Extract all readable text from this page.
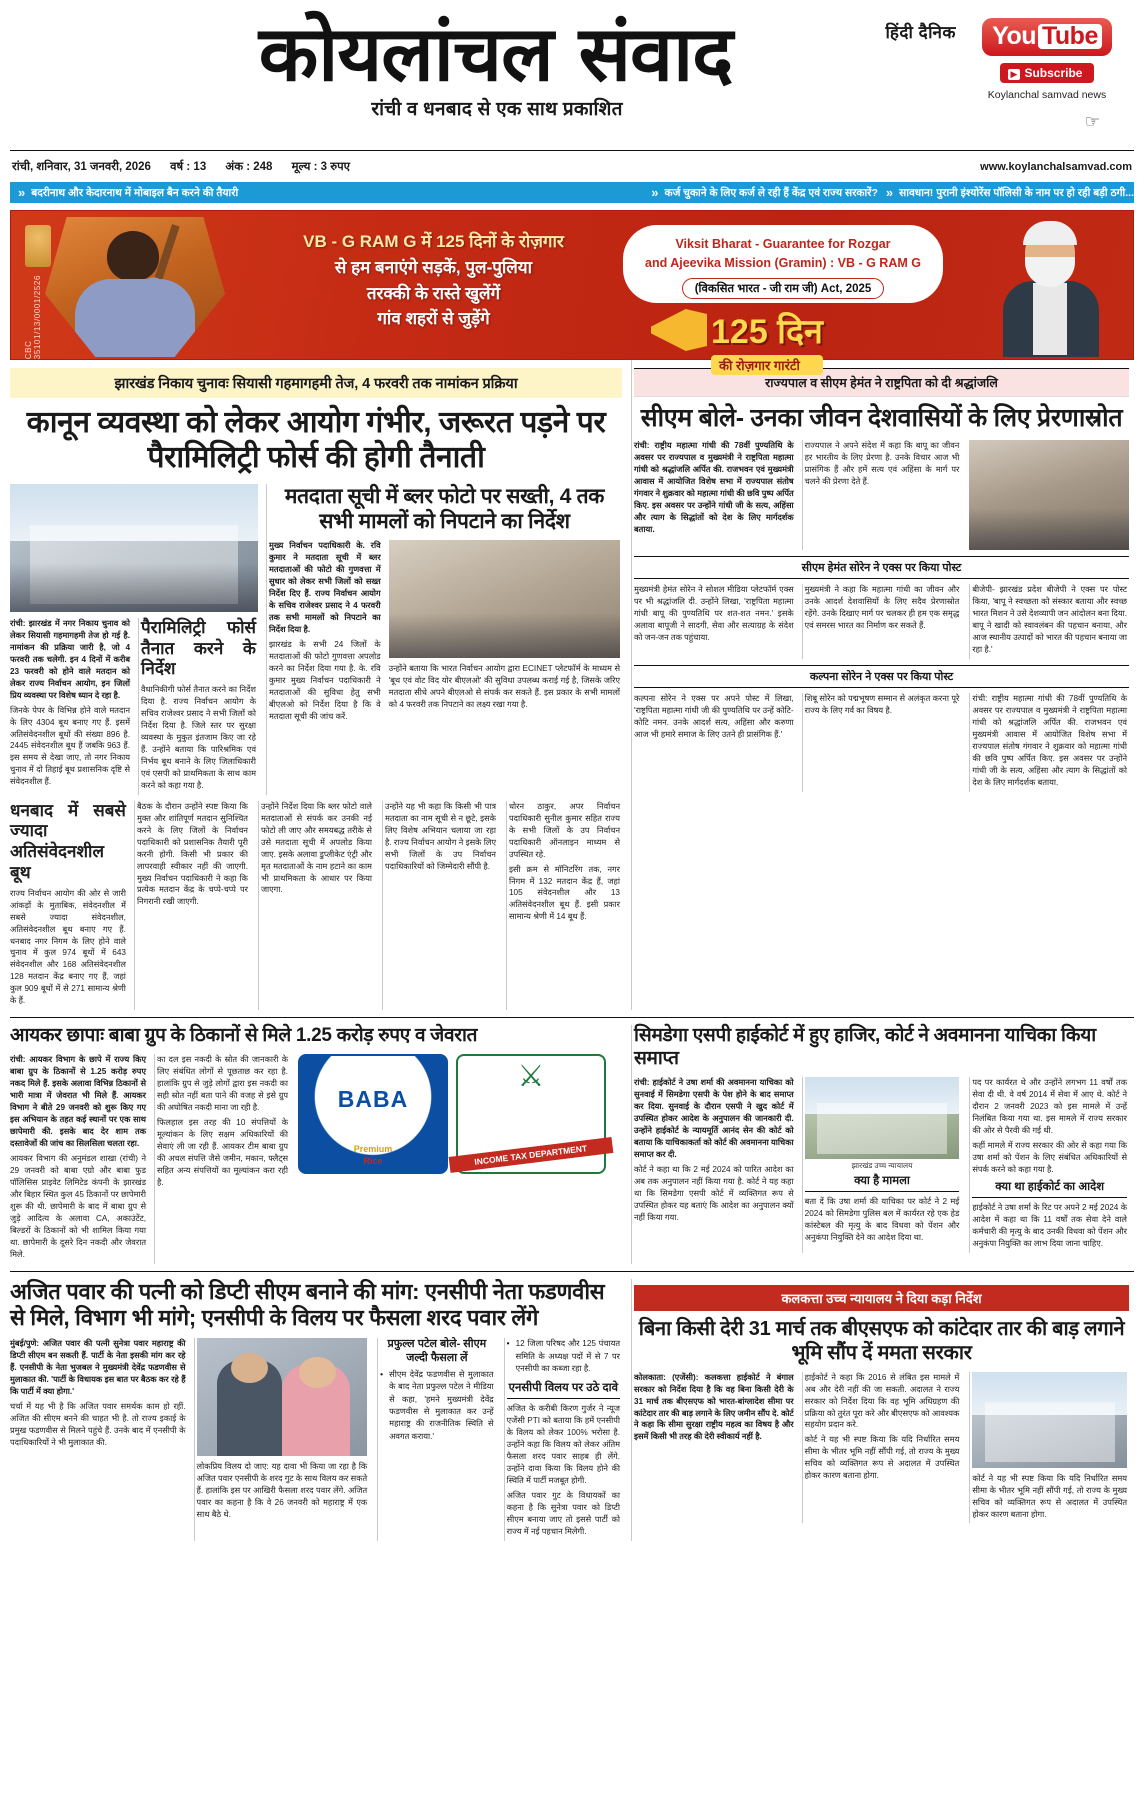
हिंदी दैनिक
कोयलांचल संवाद
रांची व धनबाद से एक साथ प्रकाशित
You Tube ▶ Subscribe
Koylanchal samvad news
☞
रांची, शनिवार, 31 जनवरी, 2026 वर्ष : 13 अंक : 248 मूल्य : 3 रुपए	www.koylanchalsamvad.com
» बदरीनाथ और केदारनाथ में मोबाइल बैन करने की तैयारी	» कर्ज चुकाने के लिए कर्ज ले रही हैं केंद्र एवं राज्य सरकारें? » सावधान! पुरानी इंश्योरेंस पॉलिसी के नाम पर हो रही बड़ी ठगी...
CBC 35101/13/0001/2526
VB - G RAM G में 125 दिनों के रोज़गार
से हम बनाएंगे सड़कें, पुल-पुलिया
तरक्की के रास्ते खुलेंगें
गांव शहरों से जुड़ेंगे
Viksit Bharat - Guarantee for Rozgar
and Ajeevika Mission (Gramin) : VB - G RAM G
(विकसित भारत - जी राम जी) Act, 2025
125 दिन
की रोज़गार गारंटी
झारखंड निकाय चुनावः सियासी गहमागहमी तेज, 4 फरवरी तक नामांकन प्रक्रिया
कानून व्यवस्था को लेकर आयोग गंभीर, जरूरत पड़ने पर पैरामिलिट्री फोर्स की होगी तैनाती

रांची: झारखंड में नगर निकाय चुनाव को लेकर सियासी गहमागहमी तेज हो गई है. नामांकन की प्रक्रिया जारी है, जो 4 फरवरी तक चलेगी. इन 4 दिनों में करीब 23 फरवरी को होने वाले मतदान को लेकर राज्य निर्वाचन आयोग, इन जिलों प्रिय व्यवस्था पर विशेष ध्यान दे रहा है.

जिनके पेपर के विभिन्न होने वाले मतदान के लिए 4304 बूथ बनाए गए हैं. इसमें अतिसंवेदनशील बूथों की संख्या 896 है. 2445 संवेदनशील बूथ हैं जबकि 963 हैं. इस समय से देखा जाए, तो नगर निकाय चुनाव में दो तिहाई बूथ प्रशासनिक दृष्टि से संवेदनशील हैं.

पैरामिलिट्री फोर्स तैनात करने के निर्देश

वैधानिकीगी फोर्स तैनात करने का निर्देश दिया है. राज्य निर्वाचन आयोग के सचिव राजेश्वर प्रसाद ने सभी जिलों को निर्देश दिया है. जिले स्तर पर सुरक्षा व्यवस्था के मुकुत इंतजाम किए जा रहे हैं. उन्होंने बताया कि पारिश्रमिक एवं निर्भय बूथ बनाने के लिए जिलाधिकारी एवं एसपी को प्राथमिकता के साथ काम करने को कहा गया है.

मतदाता सूची में ब्लर फोटो पर सख्ती, 4 तक सभी मामलों को निपटाने का निर्देश

मुख्य निर्वाचन पदाधिकारी के. रवि कुमार ने मतदाता सूची में ब्लर मतदाताओं की फोटो की गुणवत्ता में सुधार को लेकर सभी जिलों को सख्त निर्देश दिए हैं. राज्य निर्वाचन आयोग के सचिव राजेश्वर प्रसाद ने 4 फरवरी तक सभी मामलों को निपटाने का निर्देश दिया है.

झारखंड के सभी 24 जिलों के मतदाताओं की फोटो गुणवत्ता अपलोड करने का निर्देश दिया गया है. के. रवि कुमार मुख्य निर्वाचन पदाधिकारी ने मतदाताओं की सुविधा हेतु सभी बीएलओ को निर्देश दिया है कि वे मतदाता सूची की जांच करें.

उन्होंने बताया कि भारत निर्वाचन आयोग द्वारा ECINET प्लेटफॉर्म के माध्यम से 'बूथ एवं वोट विद योर बीएलओ' की सुविधा उपलब्ध कराई गई है, जिसके जरिए मतदाता सीधे अपने बीएलओ से संपर्क कर सकते हैं. इस प्रकार के सभी मामलों को 4 फरवरी तक निपटाने का लक्ष्य रखा गया है.

धनबाद में सबसे ज्यादा अतिसंवेदनशील बूथ

राज्य निर्वाचन आयोग की ओर से जारी आंकड़ों के मुताबिक, संवेदनशील में सबसे ज्यादा संवेदनशील, अतिसंवेदनशील बूथ बनाए गए हैं. धनबाद नगर निगम के लिए होने वाले चुनाव में कुल 974 बूथों में 643 संवेदनशील और 168 अतिसंवेदनशील 128 मतदान केंद्र बनाए गए हैं, जहां कुल 909 बूथों में से 271 सामान्य श्रेणी के हैं.

बैठक के दौरान उन्होंने स्पष्ट किया कि मुक्त और शांतिपूर्ण मतदान सुनिश्चित करने के लिए जिलों के निर्वाचन पदाधिकारी को प्रशासनिक तैयारी पूरी करनी होगी. किसी भी प्रकार की लापरवाही स्वीकार नहीं की जाएगी. मुख्य निर्वाचन पदाधिकारी ने कहा कि प्रत्येक मतदान केंद्र के चप्पे-चप्पे पर निगरानी रखी जाएगी.

उन्होंने निर्देश दिया कि ब्लर फोटो वाले मतदाताओं से संपर्क कर उनकी नई फोटो ली जाए और समयबद्ध तरीके से उसे मतदाता सूची में अपलोड किया जाए. इसके अलावा डुप्लीकेट एंट्री और मृत मतदाताओं के नाम हटाने का काम भी प्राथमिकता के आधार पर किया जाएगा.

उन्होंने यह भी कहा कि किसी भी पात्र मतदाता का नाम सूची से न छूटे, इसके लिए विशेष अभियान चलाया जा रहा है. राज्य निर्वाचन आयोग ने इसके लिए सभी जिलों के उप निर्वाचन पदाधिकारियों को जिम्मेदारी सौंपी है.

धोरन ठाकुर, अपर निर्वाचन पदाधिकारी सुनील कुमार सहित राज्य के सभी जिलों के उप निर्वाचन पदाधिकारी ऑनलाइन माध्यम से उपस्थित रहे.

इसी क्रम से मॉनिटरिंग तक, नगर निगम में 132 मतदान केंद्र हैं, जहां 105 संवेदनशील और 13 अतिसंवेदनशील बूथ हैं. इसी प्रकार सामान्य श्रेणी में 14 बूथ हैं.

राज्यपाल व सीएम हेमंत ने राष्ट्रपिता को दी श्रद्धांजलि
सीएम बोले- उनका जीवन देशवासियों के लिए प्रेरणास्रोत

रांची: राष्ट्रीय महात्मा गांधी की 78वीं पुण्यतिथि के अवसर पर राज्यपाल व मुख्यमंत्री ने राष्ट्रपिता महात्मा गांधी को श्रद्धांजलि अर्पित की. राजभवन एवं मुख्यमंत्री आवास में आयोजित विशेष सभा में राज्यपाल संतोष गंगवार ने शुक्रवार को महात्मा गांधी की छवि पुष्प अर्पित किए. इस अवसर पर उन्होंने गांधी जी के सत्य, अहिंसा और त्याग के सिद्धांतों को देश के लिए मार्गदर्शक बताया.

राज्यपाल ने अपने संदेश में कहा कि बापू का जीवन हर भारतीय के लिए प्रेरणा है. उनके विचार आज भी प्रासंगिक हैं और हमें सत्य एवं अहिंसा के मार्ग पर चलने की प्रेरणा देते हैं.

सीएम हेमंत सोरेन ने एक्स पर किया पोस्ट

मुख्यमंत्री हेमंत सोरेन ने सोशल मीडिया प्लेटफॉर्म एक्स पर भी श्रद्धांजलि दी. उन्होंने लिखा, 'राष्ट्रपिता महात्मा गांधी बापू की पुण्यतिथि पर शत-शत नमन.' इसके अलावा बापूजी ने सादगी, सेवा और सत्याग्रह के संदेश को जन-जन तक पहुंचाया.

मुख्यमंत्री ने कहा कि महात्मा गांधी का जीवन और उनके आदर्श देशवासियों के लिए सदैव प्रेरणास्रोत रहेंगे. उनके दिखाए मार्ग पर चलकर ही हम एक समृद्ध एवं समरस भारत का निर्माण कर सकते हैं.

बीजेपी- झारखंड प्रदेश बीजेपी ने एक्स पर पोस्ट किया, 'बापू ने स्वच्छता को संस्कार बताया और स्वच्छ भारत मिशन ने उसे देशव्यापी जन आंदोलन बना दिया. बापू ने खादी को स्वावलंबन की पहचान बनाया, और आज स्थानीय उत्पादों को भारत की पहचान बनाया जा रहा है.'

कल्पना सोरेन ने एक्स पर किया पोस्ट

कल्पना सोरेन ने एक्स पर अपने पोस्ट में लिखा, 'राष्ट्रपिता महात्मा गांधी जी की पुण्यतिथि पर उन्हें कोटि-कोटि नमन. उनके आदर्श सत्य, अहिंसा और करुणा आज भी हमारे समाज के लिए उतने ही प्रासंगिक हैं.'

शिबू सोरेन को पद्मभूषण सम्मान से अलंकृत करना पूरे राज्य के लिए गर्व का विषय है.

रांची: राष्ट्रीय महात्मा गांधी की 78वीं पुण्यतिथि के अवसर पर राज्यपाल व मुख्यमंत्री ने राष्ट्रपिता महात्मा गांधी को श्रद्धांजलि अर्पित की. राजभवन एवं मुख्यमंत्री आवास में आयोजित विशेष सभा में राज्यपाल संतोष गंगवार ने शुक्रवार को महात्मा गांधी की छवि पुष्प अर्पित किए. इस अवसर पर उन्होंने गांधी जी के सत्य, अहिंसा और त्याग के सिद्धांतों को देश के लिए मार्गदर्शक बताया.

आयकर छापाः बाबा ग्रुप के ठिकानों से मिले 1.25 करोड़ रुपए व जेवरात

रांची: आयकर विभाग के छापे में राज्य किए बाबा ग्रुप के ठिकानों से 1.25 करोड़ रुपए नकद मिले हैं. इसके अलावा विभिन्न ठिकानों से भारी मात्रा में जेवरात भी मिले हैं. आयकर विभाग ने बीते 29 जनवरी को शुरू किए गए इस अभियान के तहत कई स्थानों पर एक साथ छापेमारी की. इसके बाद देर शाम तक दस्तावेजों की जांच का सिलसिला चलता रहा.

आयकर विभाग की अनुमंडल शाखा (रांची) ने 29 जनवरी को बाबा एग्रो और बाबा फुड पॉलिसिस प्राइवेट लिमिटेड कंपनी के झारखंड और बिहार स्थित कुल 45 ठिकानों पर छापेमारी शुरू की थी. छापेमारी के बाद में बाबा ग्रुप से जुड़े आदित्य के अलावा CA, अकाउंटेंट, बिल्डरों के ठिकानों को भी शामिल किया गया था. छापेमारी के दूसरे दिन नकदी और जेवरात मिले.

का दल इस नकदी के स्रोत की जानकारी के लिए संबंधित लोगों से पूछताछ कर रहा है. हालांकि ग्रुप से जुड़े लोगों द्वारा इस नकदी का सही स्रोत नहीं बता पाने की वजह से इसे ग्रुप की अघोषित नकदी माना जा रही है.

फिलहाल इस तरह की 10 संपत्तियों के मूल्यांकन के लिए सक्षम अधिकारियों की सेवाएं ली जा रही हैं. आयकर टीम बाबा ग्रुप की अचल संपत्ति जैसे जमीन, मकान, फ्लैट्स सहित अन्य संपत्तियों का मूल्यांकन करा रही है.

BABA
Premium
Rice
⚔
INCOME TAX DEPARTMENT
सिमडेगा एसपी हाईकोर्ट में हुए हाजिर, कोर्ट ने अवमानना याचिका किया समाप्त

रांची: हाईकोर्ट ने उषा शर्मा की अवमानना याचिका को सुनवाई में सिमडेगा एसपी के पेश होने के बाद समाप्त कर दिया. सुनवाई के दौरान एसपी ने खुद कोर्ट में उपस्थित होकर आदेश के अनुपालन की जानकारी दी. उन्होंने हाईकोर्ट के न्यायमूर्ति आनंद सेन की कोर्ट को बताया कि याचिकाकर्ता को कोर्ट की अवमानना याचिका समाप्त कर दी.

कोर्ट ने कहा था कि 2 मई 2024 को पारित आदेश का अब तक अनुपालन नहीं किया गया है. कोर्ट ने यह कहा था कि सिमडेगा एसपी कोर्ट में व्यक्तिगत रूप से उपस्थित होकर यह बताएं कि आदेश का अनुपालन क्यों नहीं किया गया.

झारखंड उच्च न्यायालय
क्या है मामला

बता दें कि उषा शर्मा की याचिका पर कोर्ट ने 2 मई 2024 को सिमडेगा पुलिस बल में कार्यरत रहे एक हेड कांस्टेबल की मृत्यु के बाद विधवा को पेंशन और अनुकंपा नियुक्ति देने का आदेश दिया था.

पद पर कार्यरत थे और उन्होंने लगभग 11 वर्षों तक सेवा दी थी. वे वर्ष 2014 में सेवा में आए थे. कोर्ट ने दौरान 2 जनवरी 2023 को इस मामले में उन्हें निलंबित किया गया था. इस मामले में राज्य सरकार की ओर से पैरवी की गई थी.

कहीं मामले में राज्य सरकार की ओर से कहा गया कि उषा शर्मा को पेंशन के लिए संबंधित अधिकारियों से संपर्क करने को कहा गया है.

क्या था हाईकोर्ट का आदेश

हाईकोर्ट ने उषा शर्मा के रिट पर अपने 2 मई 2024 के आदेश में कहा था कि 11 वर्षों तक सेवा देने वाले कर्मचारी की मृत्यु के बाद उनकी विधवा को पेंशन और अनुकंपा नियुक्ति का लाभ दिया जाना चाहिए.

अजित पवार की पत्नी को डिप्टी सीएम बनाने की मांग: एनसीपी नेता फडणवीस से मिले, विभाग भी मांगे; एनसीपी के विलय पर फैसला शरद पवार लेंगे

मुंबई/पुणे: अजित पवार की पत्नी सुनेत्रा पवार महाराष्ट्र की डिप्टी सीएम बन सकती हैं. पार्टी के नेता इसकी मांग कर रहे हैं. एनसीपी के नेता भुजबल ने मुख्यमंत्री देवेंद्र फडणवीस से मुलाकात की. 'पार्टी के विधायक इस बात पर बैठक कर रहे हैं कि पार्टी में क्या होगा.'

चर्चा में यह भी है कि अजित पवार समर्थक काम हो रहीं. अजित की सीएम बनने की चाहत भी है. तो राज्य इकाई के प्रमुख फडणवीस से मिलने पहुंचे हैं. उनके बाद में एनसीपी के पदाधिकारियों ने भी मुलाकात की.

लोकप्रिय विलय दो जाए: यह दावा भी किया जा रहा है कि अजित पवार एनसीपी के शरद गुट के साथ विलय कर सकते हैं. हालांकि इस पर आखिरी फैसला शरद पवार लेंगे. अजित पवार का कहना है कि वे 26 जनवरी को महाराष्ट्र में एक साथ बैठे थे.

प्रफुल्ल पटेल बोले- सीएम जल्दी फैसला लें
• सीएम देवेंद्र फडणवीस से मुलाकात के बाद नेता प्रफुल्ल पटेल ने मीडिया से कहा, 'हमने मुख्यमंत्री देवेंद्र फडणवीस से मुलाकात कर उन्हें महाराष्ट्र की राजनीतिक स्थिति से अवगत कराया.'
• 12 जिला परिषद और 125 पंचायत समिति के अध्यक्ष पदों में से 7 पर एनसीपी का कब्जा रहा है.
एनसीपी विलय पर उठे दावे

अजित के करीबी किरण गुर्जर ने न्यूज एजेंसी PTI को बताया कि हमें एनसीपी के विलय को लेकर 100% भरोसा है. उन्होंने कहा कि विलय को लेकर अंतिम फैसला शरद पवार साहब ही लेंगे. उन्होंने दावा किया कि विलय होने की स्थिति में पार्टी मजबूत होगी.

अजित पवार गुट के विधायकों का कहना है कि सुनेत्रा पवार को डिप्टी सीएम बनाया जाए तो इससे पार्टी को राज्य में नई पहचान मिलेगी.

कलकत्ता उच्च न्यायालय ने दिया कड़ा निर्देश
बिना किसी देरी 31 मार्च तक बीएसएफ को कांटेदार तार की बाड़ लगाने भूमि सौंप दें ममता सरकार

कोलकाता: (एजेंसी): कलकत्ता हाईकोर्ट ने बंगाल सरकार को निर्देश दिया है कि वह बिना किसी देरी के 31 मार्च तक बीएसएफ को भारत-बांग्लादेश सीमा पर कांटेदार तार की बाड़ लगाने के लिए जमीन सौंप दे. कोर्ट ने कहा कि सीमा सुरक्षा राष्ट्रीय महत्व का विषय है और इसमें किसी भी तरह की देरी स्वीकार्य नहीं है.

हाईकोर्ट ने कहा कि 2016 से लंबित इस मामले में अब और देरी नहीं की जा सकती. अदालत ने राज्य सरकार को निर्देश दिया कि वह भूमि अधिग्रहण की प्रक्रिया को तुरंत पूरा करे और बीएसएफ को आवश्यक सहयोग प्रदान करे.

कोर्ट ने यह भी स्पष्ट किया कि यदि निर्धारित समय सीमा के भीतर भूमि नहीं सौंपी गई, तो राज्य के मुख्य सचिव को व्यक्तिगत रूप से अदालत में उपस्थित होकर कारण बताना होगा.	कोर्ट ने यह भी स्पष्ट किया कि यदि निर्धारित समय सीमा के भीतर भूमि नहीं सौंपी गई, तो राज्य के मुख्य सचिव को व्यक्तिगत रूप से अदालत में उपस्थित होकर कारण बताना होगा.
